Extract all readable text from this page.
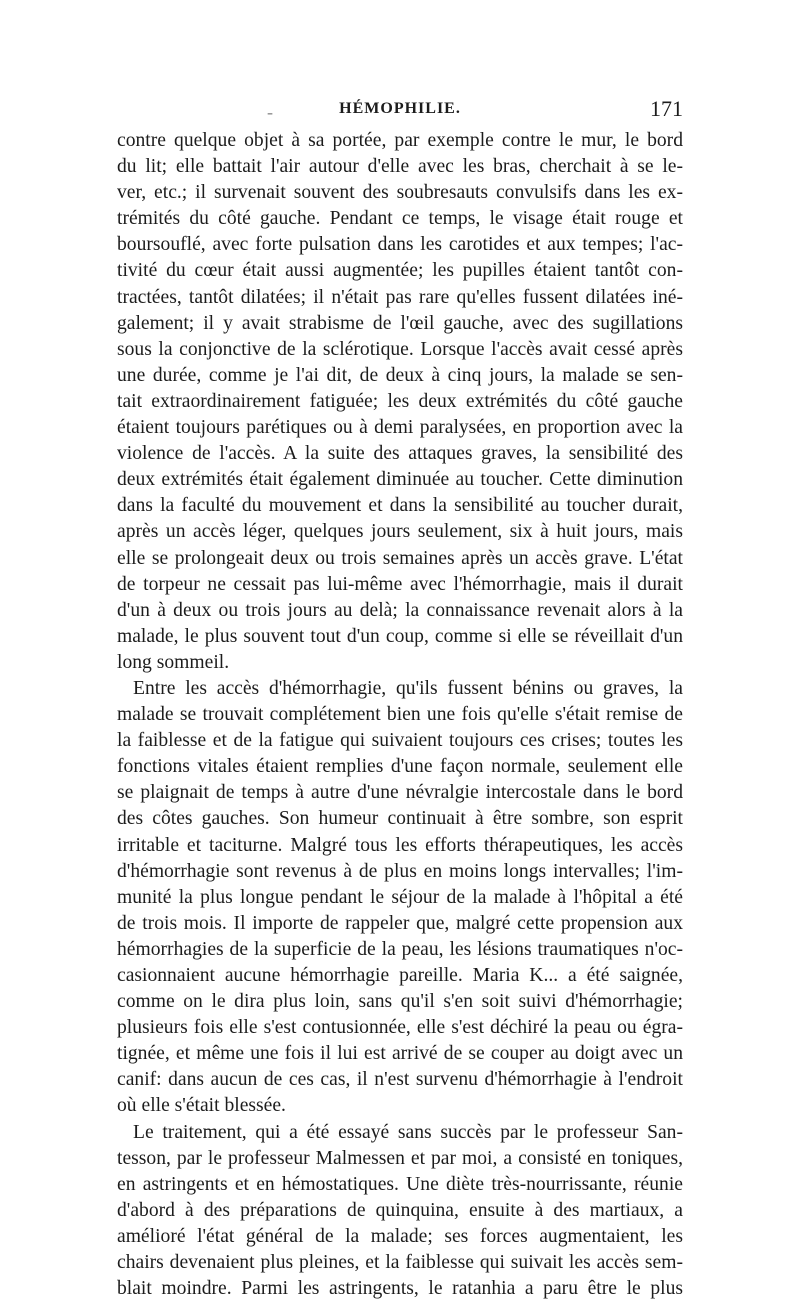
-	HÉMOPHILIE.	171
contre quelque objet à sa portée, par exemple contre le mur, le bord
du lit; elle battait l'air autour d'elle avec les bras, cherchait à se le-
ver, etc.; il survenait souvent des soubresauts convulsifs dans les ex-
trémités du côté gauche. Pendant ce temps, le visage était rouge et
boursouflé, avec forte pulsation dans les carotides et aux tempes; l'ac-
tivité du cœur était aussi augmentée; les pupilles étaient tantôt con-
tractées, tantôt dilatées; il n'était pas rare qu'elles fussent dilatées iné-
galement; il y avait strabisme de l'œil gauche, avec des sugillations
sous la conjonctive de la sclérotique. Lorsque l'accès avait cessé après
une durée, comme je l'ai dit, de deux à cinq jours, la malade se sen-
tait extraordinairement fatiguée; les deux extrémités du côté gauche
étaient toujours parétiques ou à demi paralysées, en proportion avec la
violence de l'accès. A la suite des attaques graves, la sensibilité des
deux extrémités était également diminuée au toucher. Cette diminution
dans la faculté du mouvement et dans la sensibilité au toucher durait,
après un accès léger, quelques jours seulement, six à huit jours, mais
elle se prolongeait deux ou trois semaines après un accès grave. L'état
de torpeur ne cessait pas lui-même avec l'hémorrhagie, mais il durait
d'un à deux ou trois jours au delà; la connaissance revenait alors à la
malade, le plus souvent tout d'un coup, comme si elle se réveillait d'un
long sommeil.
Entre les accès d'hémorrhagie, qu'ils fussent bénins ou graves, la
malade se trouvait complétement bien une fois qu'elle s'était remise de
la faiblesse et de la fatigue qui suivaient toujours ces crises; toutes les
fonctions vitales étaient remplies d'une façon normale, seulement elle
se plaignait de temps à autre d'une névralgie intercostale dans le bord
des côtes gauches. Son humeur continuait à être sombre, son esprit
irritable et taciturne. Malgré tous les efforts thérapeutiques, les accès
d'hémorrhagie sont revenus à de plus en moins longs intervalles; l'im-
munité la plus longue pendant le séjour de la malade à l'hôpital a été
de trois mois. Il importe de rappeler que, malgré cette propension aux
hémorrhagies de la superficie de la peau, les lésions traumatiques n'oc-
casionnaient aucune hémorrhagie pareille. Maria K... a été saignée,
comme on le dira plus loin, sans qu'il s'en soit suivi d'hémorrhagie;
plusieurs fois elle s'est contusionnée, elle s'est déchiré la peau ou égra-
tignée, et même une fois il lui est arrivé de se couper au doigt avec un
canif: dans aucun de ces cas, il n'est survenu d'hémorrhagie à l'endroit
où elle s'était blessée.
Le traitement, qui a été essayé sans succès par le professeur San-
tesson, par le professeur Malmessen et par moi, a consisté en toniques,
en astringents et en hémostatiques. Une diète très-nourrissante, réunie
d'abord à des préparations de quinquina, ensuite à des martiaux, a
amélioré l'état général de la malade; ses forces augmentaient, les
chairs devenaient plus pleines, et la faiblesse qui suivait les accès sem-
blait moindre. Parmi les astringents, le ratanhia a paru être le plus
